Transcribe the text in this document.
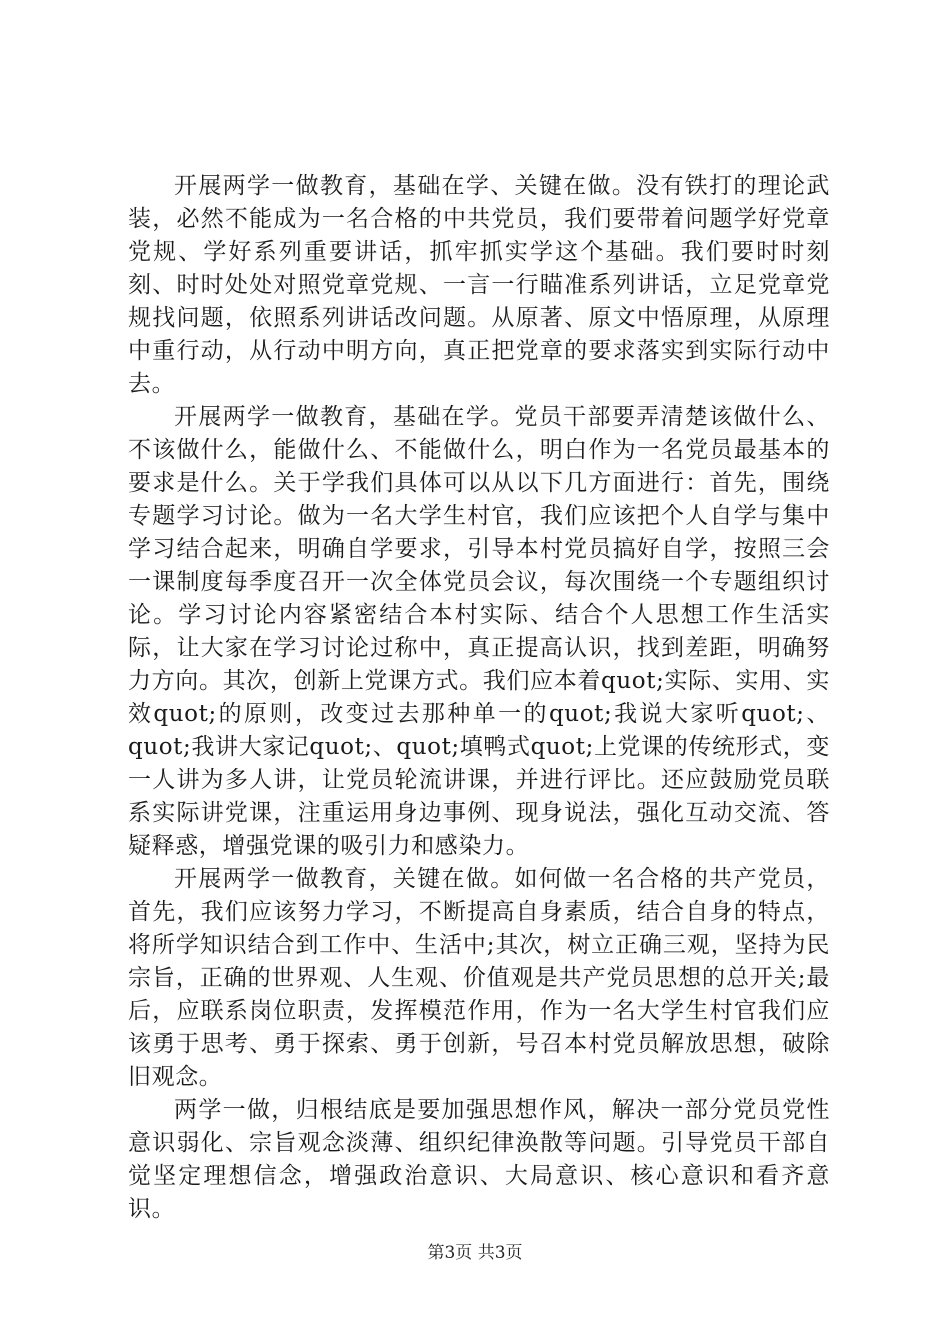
开展两学一做教育，基础在学、关键在做。没有铁打的理论武装，必然不能成为一名合格的中共党员，我们要带着问题学好党章党规、学好系列重要讲话，抓牢抓实学这个基础。我们要时时刻刻、时时处处对照党章党规、一言一行瞄准系列讲话，立足党章党规找问题，依照系列讲话改问题。从原著、原文中悟原理，从原理中重行动，从行动中明方向，真正把党章的要求落实到实际行动中去。

开展两学一做教育，基础在学。党员干部要弄清楚该做什么、不该做什么，能做什么、不能做什么，明白作为一名党员最基本的要求是什么。关于学我们具体可以从以下几方面进行：首先，围绕专题学习讨论。做为一名大学生村官，我们应该把个人自学与集中学习结合起来，明确自学要求，引导本村党员搞好自学，按照三会一课制度每季度召开一次全体党员会议，每次围绕一个专题组织讨论。学习讨论内容紧密结合本村实际、结合个人思想工作生活实际，让大家在学习讨论过称中，真正提高认识，找到差距，明确努力方向。其次，创新上党课方式。我们应本着quot;实际、实用、实效quot;的原则，改变过去那种单一的quot;我说大家听quot;、quot;我讲大家记quot;、quot;填鸭式quot;上党课的传统形式，变一人讲为多人讲，让党员轮流讲课，并进行评比。还应鼓励党员联系实际讲党课，注重运用身边事例、现身说法，强化互动交流、答疑释惑，增强党课的吸引力和感染力。

开展两学一做教育，关键在做。如何做一名合格的共产党员，首先，我们应该努力学习，不断提高自身素质，结合自身的特点，将所学知识结合到工作中、生活中;其次，树立正确三观，坚持为民宗旨，正确的世界观、人生观、价值观是共产党员思想的总开关;最后，应联系岗位职责，发挥模范作用，作为一名大学生村官我们应该勇于思考、勇于探索、勇于创新，号召本村党员解放思想，破除旧观念。

两学一做，归根结底是要加强思想作风，解决一部分党员党性意识弱化、宗旨观念淡薄、组织纪律涣散等问题。引导党员干部自觉坚定理想信念，增强政治意识、大局意识、核心意识和看齐意识。

第3页 共3页
